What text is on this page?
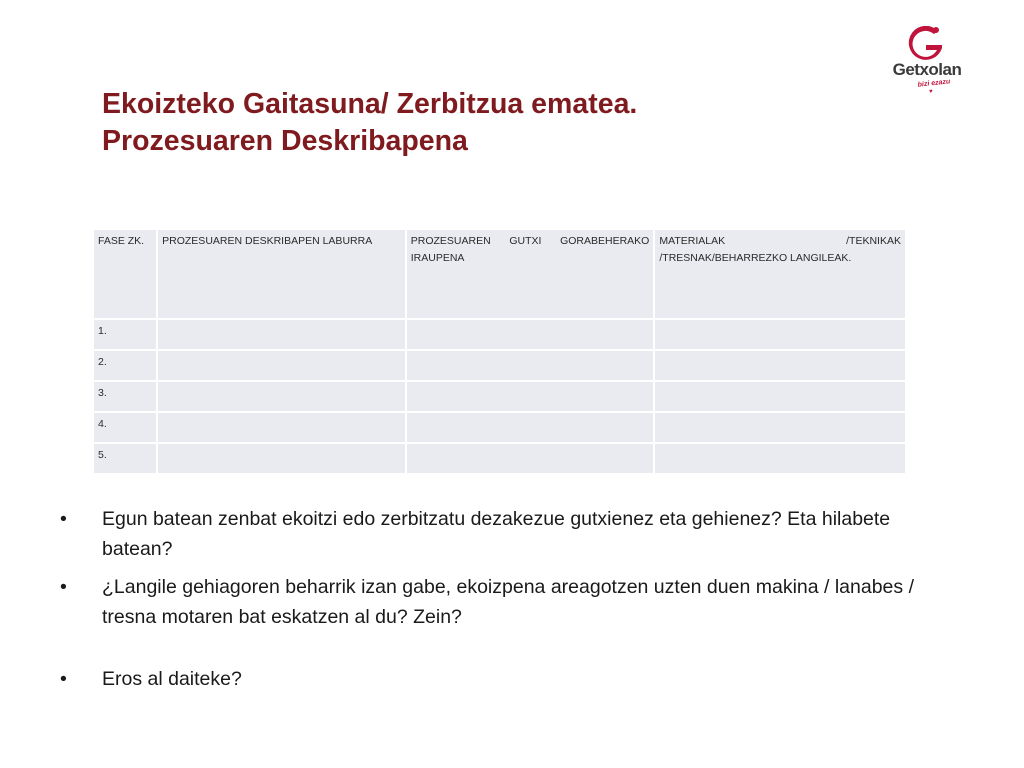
Getxolan
bizi ezazu
♥
Ekoizteko Gaitasuna/ Zerbitzua ematea.
Prozesuaren Deskribapena
FASE ZK.	PROZESUAREN DESKRIBAPEN LABURRA	PROZESUAREN GUTXI GORABEHERAKO IRAUPENA	MATERIALAK /TEKNIKAK /TRESNAK/BEHARREZKO LANGILEAK.
1.			
2.			
3.			
4.			
5.			
• Egun batean zenbat ekoitzi edo zerbitzatu dezakezue gutxienez eta gehienez? Eta hilabete batean?
• ¿Langile gehiagoren beharrik izan gabe, ekoizpena areagotzen uzten duen makina / lanabes / tresna motaren bat eskatzen al du? Zein?
• Eros al daiteke?
